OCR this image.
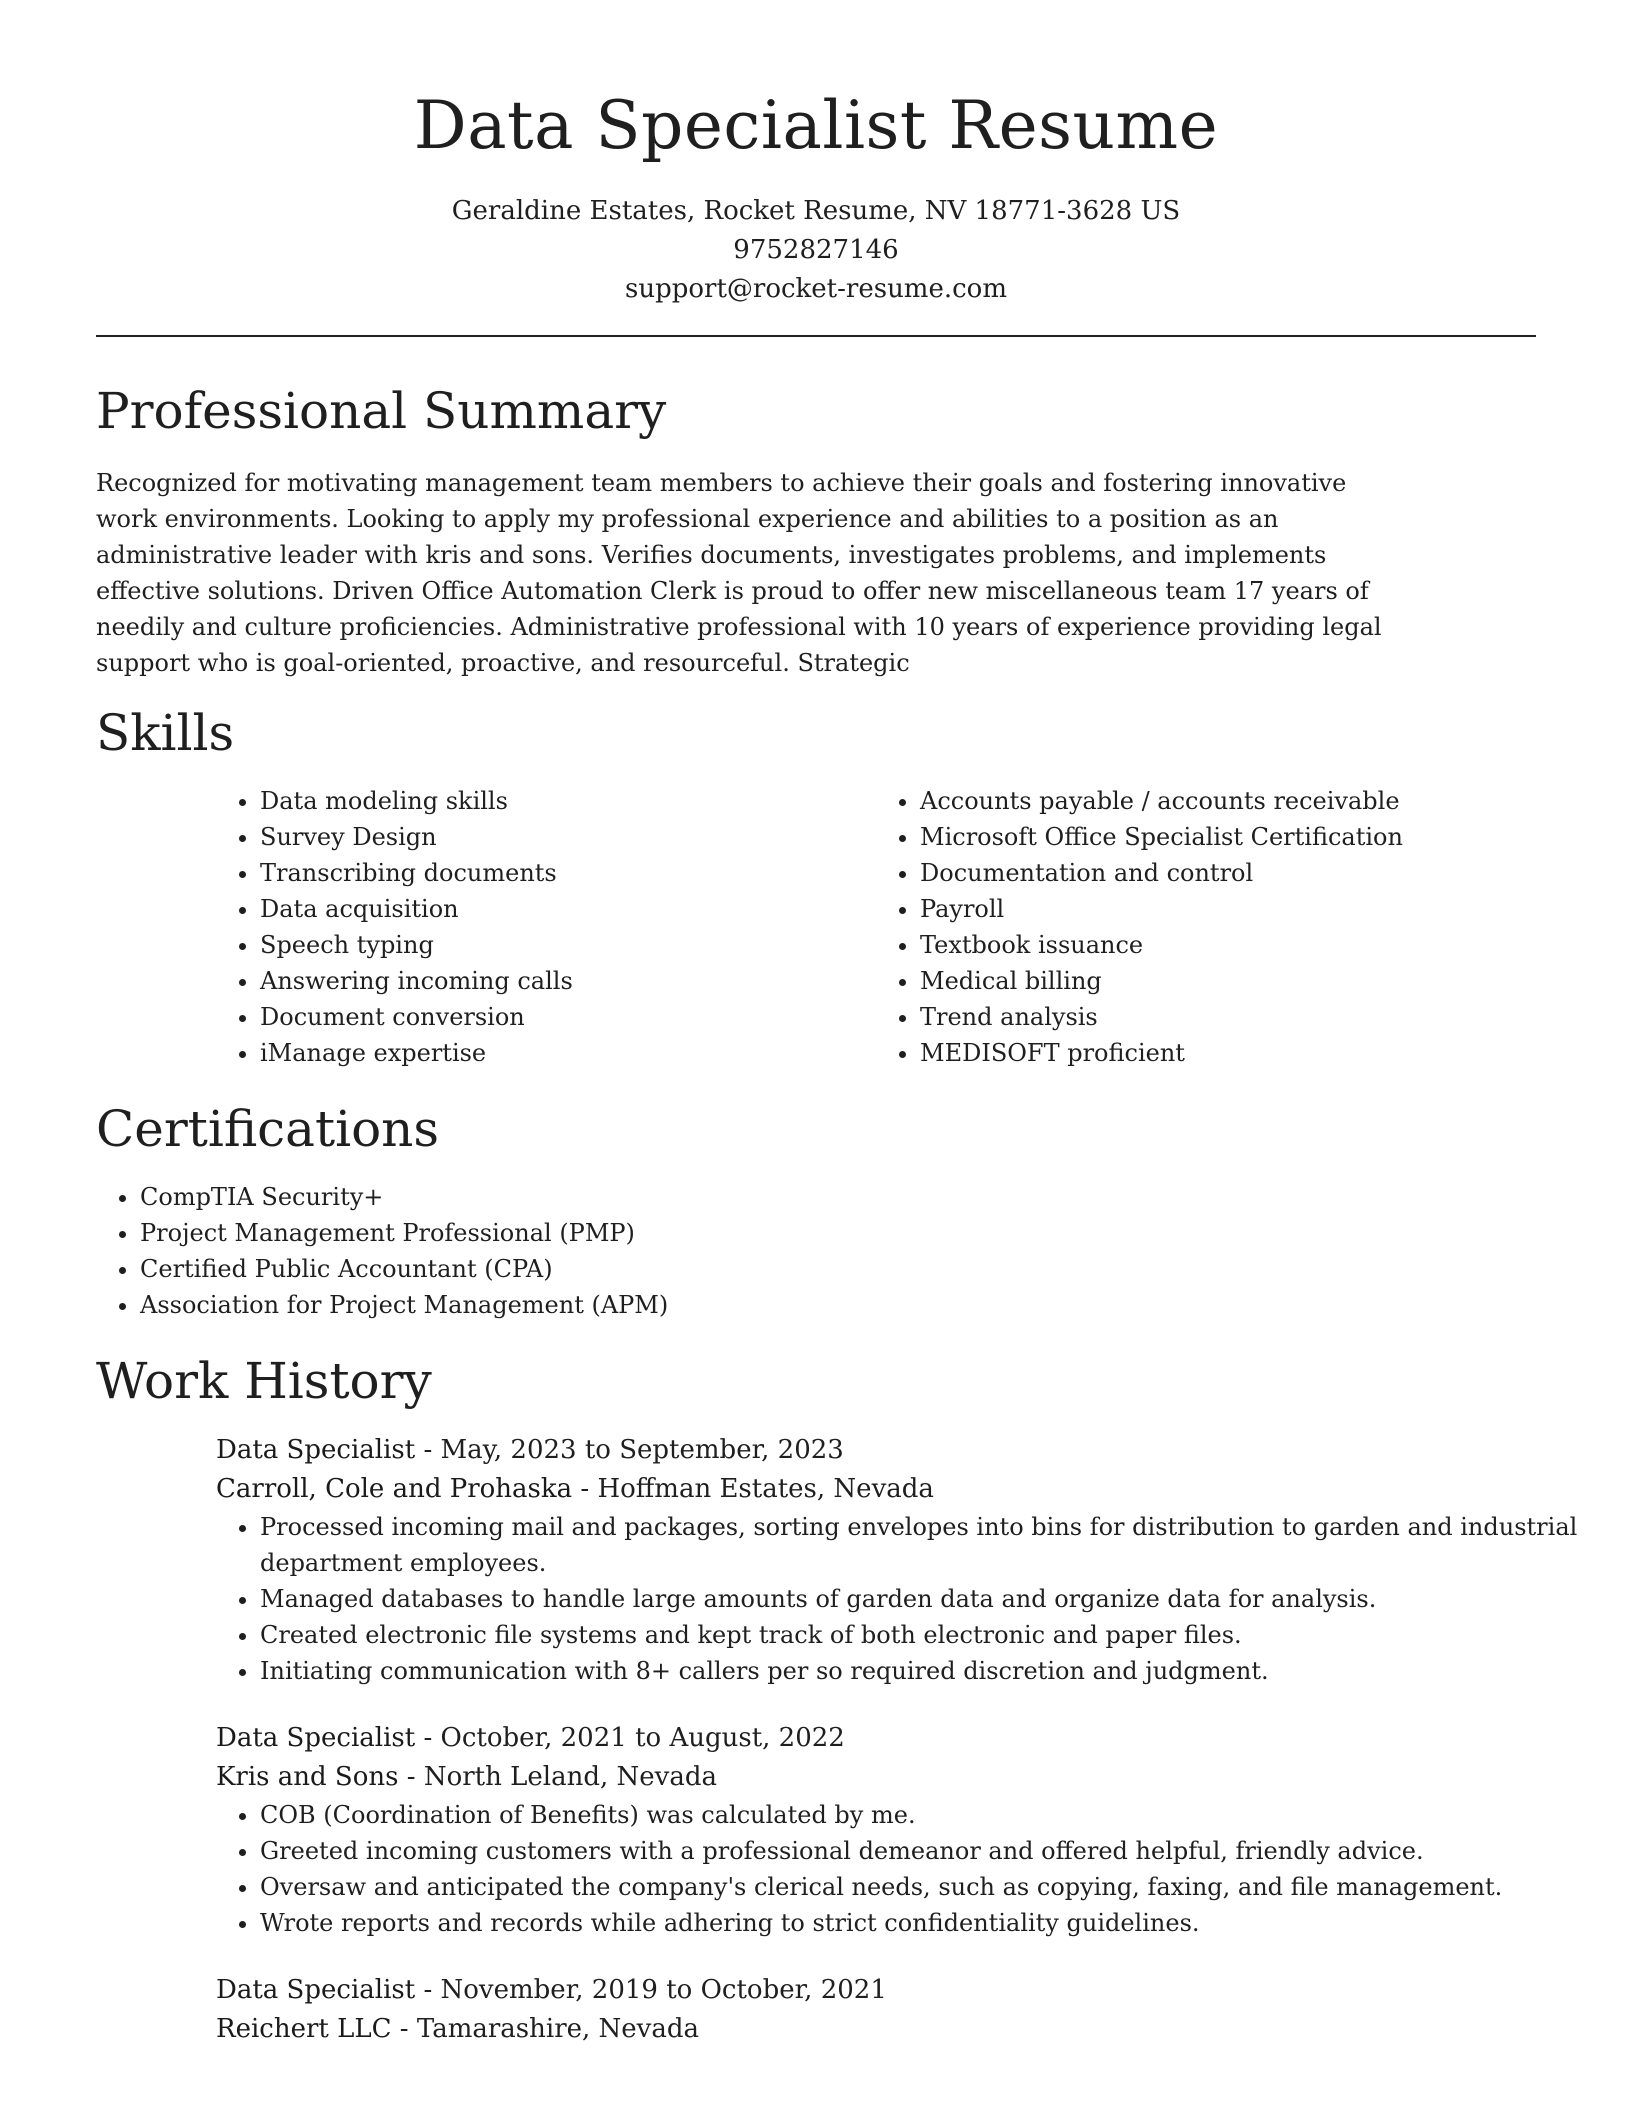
Data Specialist Resume
Geraldine Estates, Rocket Resume, NV 18771-3628 US
9752827146
support@rocket-resume.com
Professional Summary

Recognized for motivating management team members to achieve their goals and fostering innovative work environments. Looking to apply my professional experience and abilities to a position as an administrative leader with kris and sons. Verifies documents, investigates problems, and implements effective solutions. Driven Office Automation Clerk is proud to offer new miscellaneous team 17 years of needily and culture proficiencies. Administrative professional with 10 years of experience providing legal support who is goal-oriented, proactive, and resourceful. Strategic

Skills
• Data modeling skills
• Survey Design
• Transcribing documents
• Data acquisition
• Speech typing
• Answering incoming calls
• Document conversion
• iManage expertise
• Accounts payable / accounts receivable
• Microsoft Office Specialist Certification
• Documentation and control
• Payroll
• Textbook issuance
• Medical billing
• Trend analysis
• MEDISOFT proficient
Certifications
• CompTIA Security+
• Project Management Professional (PMP)
• Certified Public Accountant (CPA)
• Association for Project Management (APM)
Work History
Data Specialist - May, 2023 to September, 2023
Carroll, Cole and Prohaska - Hoffman Estates, Nevada
• Processed incoming mail and packages, sorting envelopes into bins for distribution to garden and industrial department employees.
• Managed databases to handle large amounts of garden data and organize data for analysis.
• Created electronic file systems and kept track of both electronic and paper files.
• Initiating communication with 8+ callers per so required discretion and judgment.
Data Specialist - October, 2021 to August, 2022
Kris and Sons - North Leland, Nevada
• COB (Coordination of Benefits) was calculated by me.
• Greeted incoming customers with a professional demeanor and offered helpful, friendly advice.
• Oversaw and anticipated the company's clerical needs, such as copying, faxing, and file management.
• Wrote reports and records while adhering to strict confidentiality guidelines.
Data Specialist - November, 2019 to October, 2021
Reichert LLC - Tamarashire, Nevada
